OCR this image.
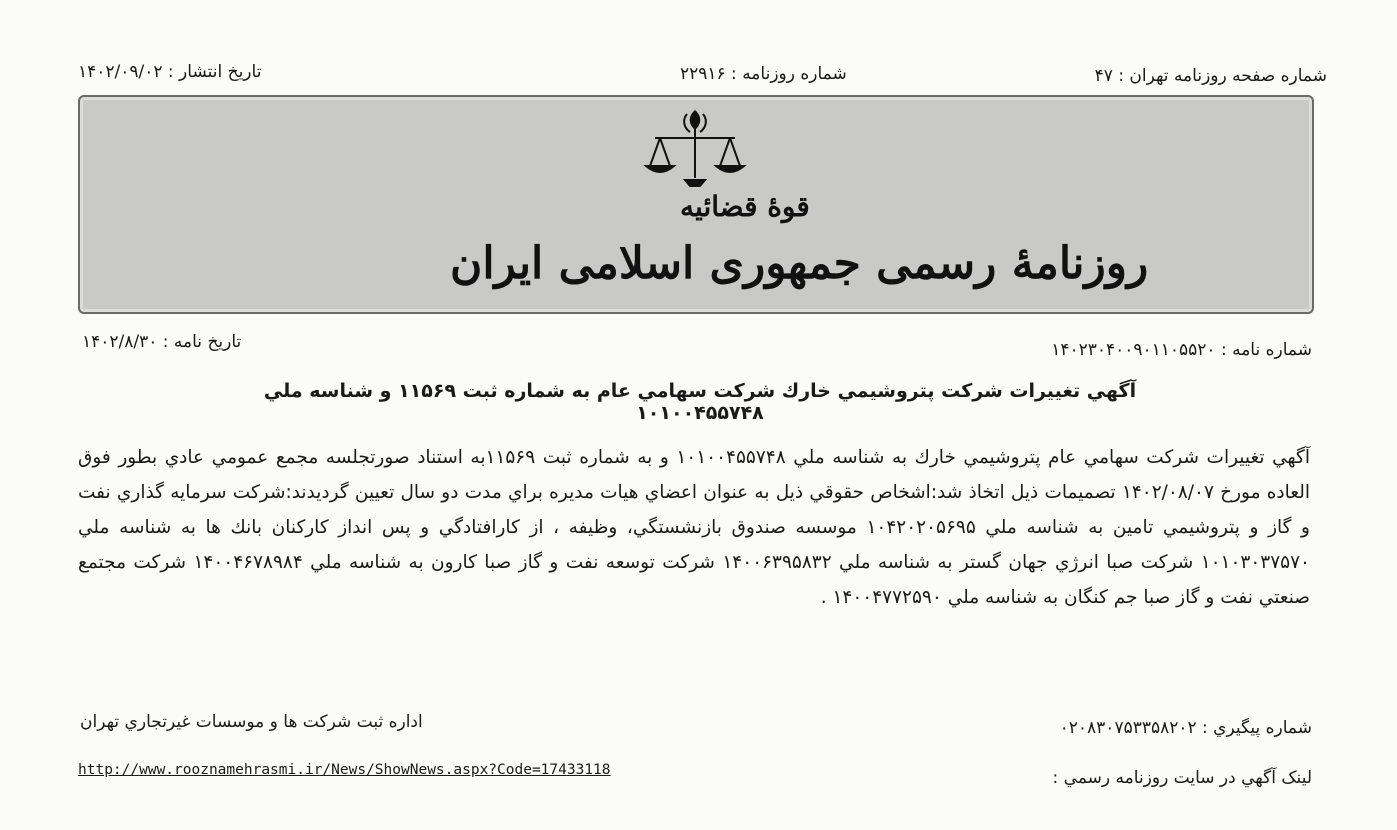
شماره صفحه روزنامه تهران : ۴۷
شماره روزنامه : ۲۲۹۱۶
تاريخ انتشار : ۱۴۰۲/۰۹/۰۲
قوۀ قضائیه
روزنامۀ رسمی جمهوری اسلامی ایران
شماره نامه : ۱۴۰۲۳۰۴۰۰۹۰۱۱۰۵۵۲۰
تاريخ نامه : ۱۴۰۲/۸/۳۰
آگهي تغييرات شركت پتروشيمي خارك شركت سهامي عام به شماره ثبت ۱۱۵۶۹ و شناسه ملي ۱۰۱۰۰۴۵۵۷۴۸
آگهي تغييرات شركت سهامي عام پتروشيمي خارك به شناسه ملي ۱۰۱۰۰۴۵۵۷۴۸ و به شماره ثبت ۱۱۵۶۹به استناد صورتجلسه مجمع عمومي عادي بطور فوق العاده مورخ ۱۴۰۲/۰۸/۰۷ تصميمات ذيل اتخاذ شد:اشخاص حقوقي ذيل به عنوان اعضاي هيات مديره براي مدت دو سال تعيين گرديدند:شركت سرمايه گذاري نفت و گاز و پتروشيمي تامين به شناسه ملي ۱۰۴۲۰۲۰۵۶۹۵ موسسه صندوق بازنشستگي، وظيفه ، از كارافتادگي و پس انداز كاركنان بانك ها به شناسه ملي ۱۰۱۰۳۰۳۷۵۷۰ شركت صبا انرژي جهان گستر به شناسه ملي ۱۴۰۰۶۳۹۵۸۳۲ شركت توسعه نفت و گاز صبا كارون به شناسه ملي ۱۴۰۰۴۶۷۸۹۸۴ شركت مجتمع صنعتي نفت و گاز صبا جم كنگان به شناسه ملي ۱۴۰۰۴۷۷۲۵۹۰ .
شماره پيگيري : ۰۲۰۸۳۰۷۵۳۳۵۸۲۰۲
اداره ثبت شركت ها و موسسات غيرتجاري تهران
لينک آگهي در سايت روزنامه رسمي :
http://www.roozn​amehrasmi.ir/News/ShowNews.aspx?Code=17433118
